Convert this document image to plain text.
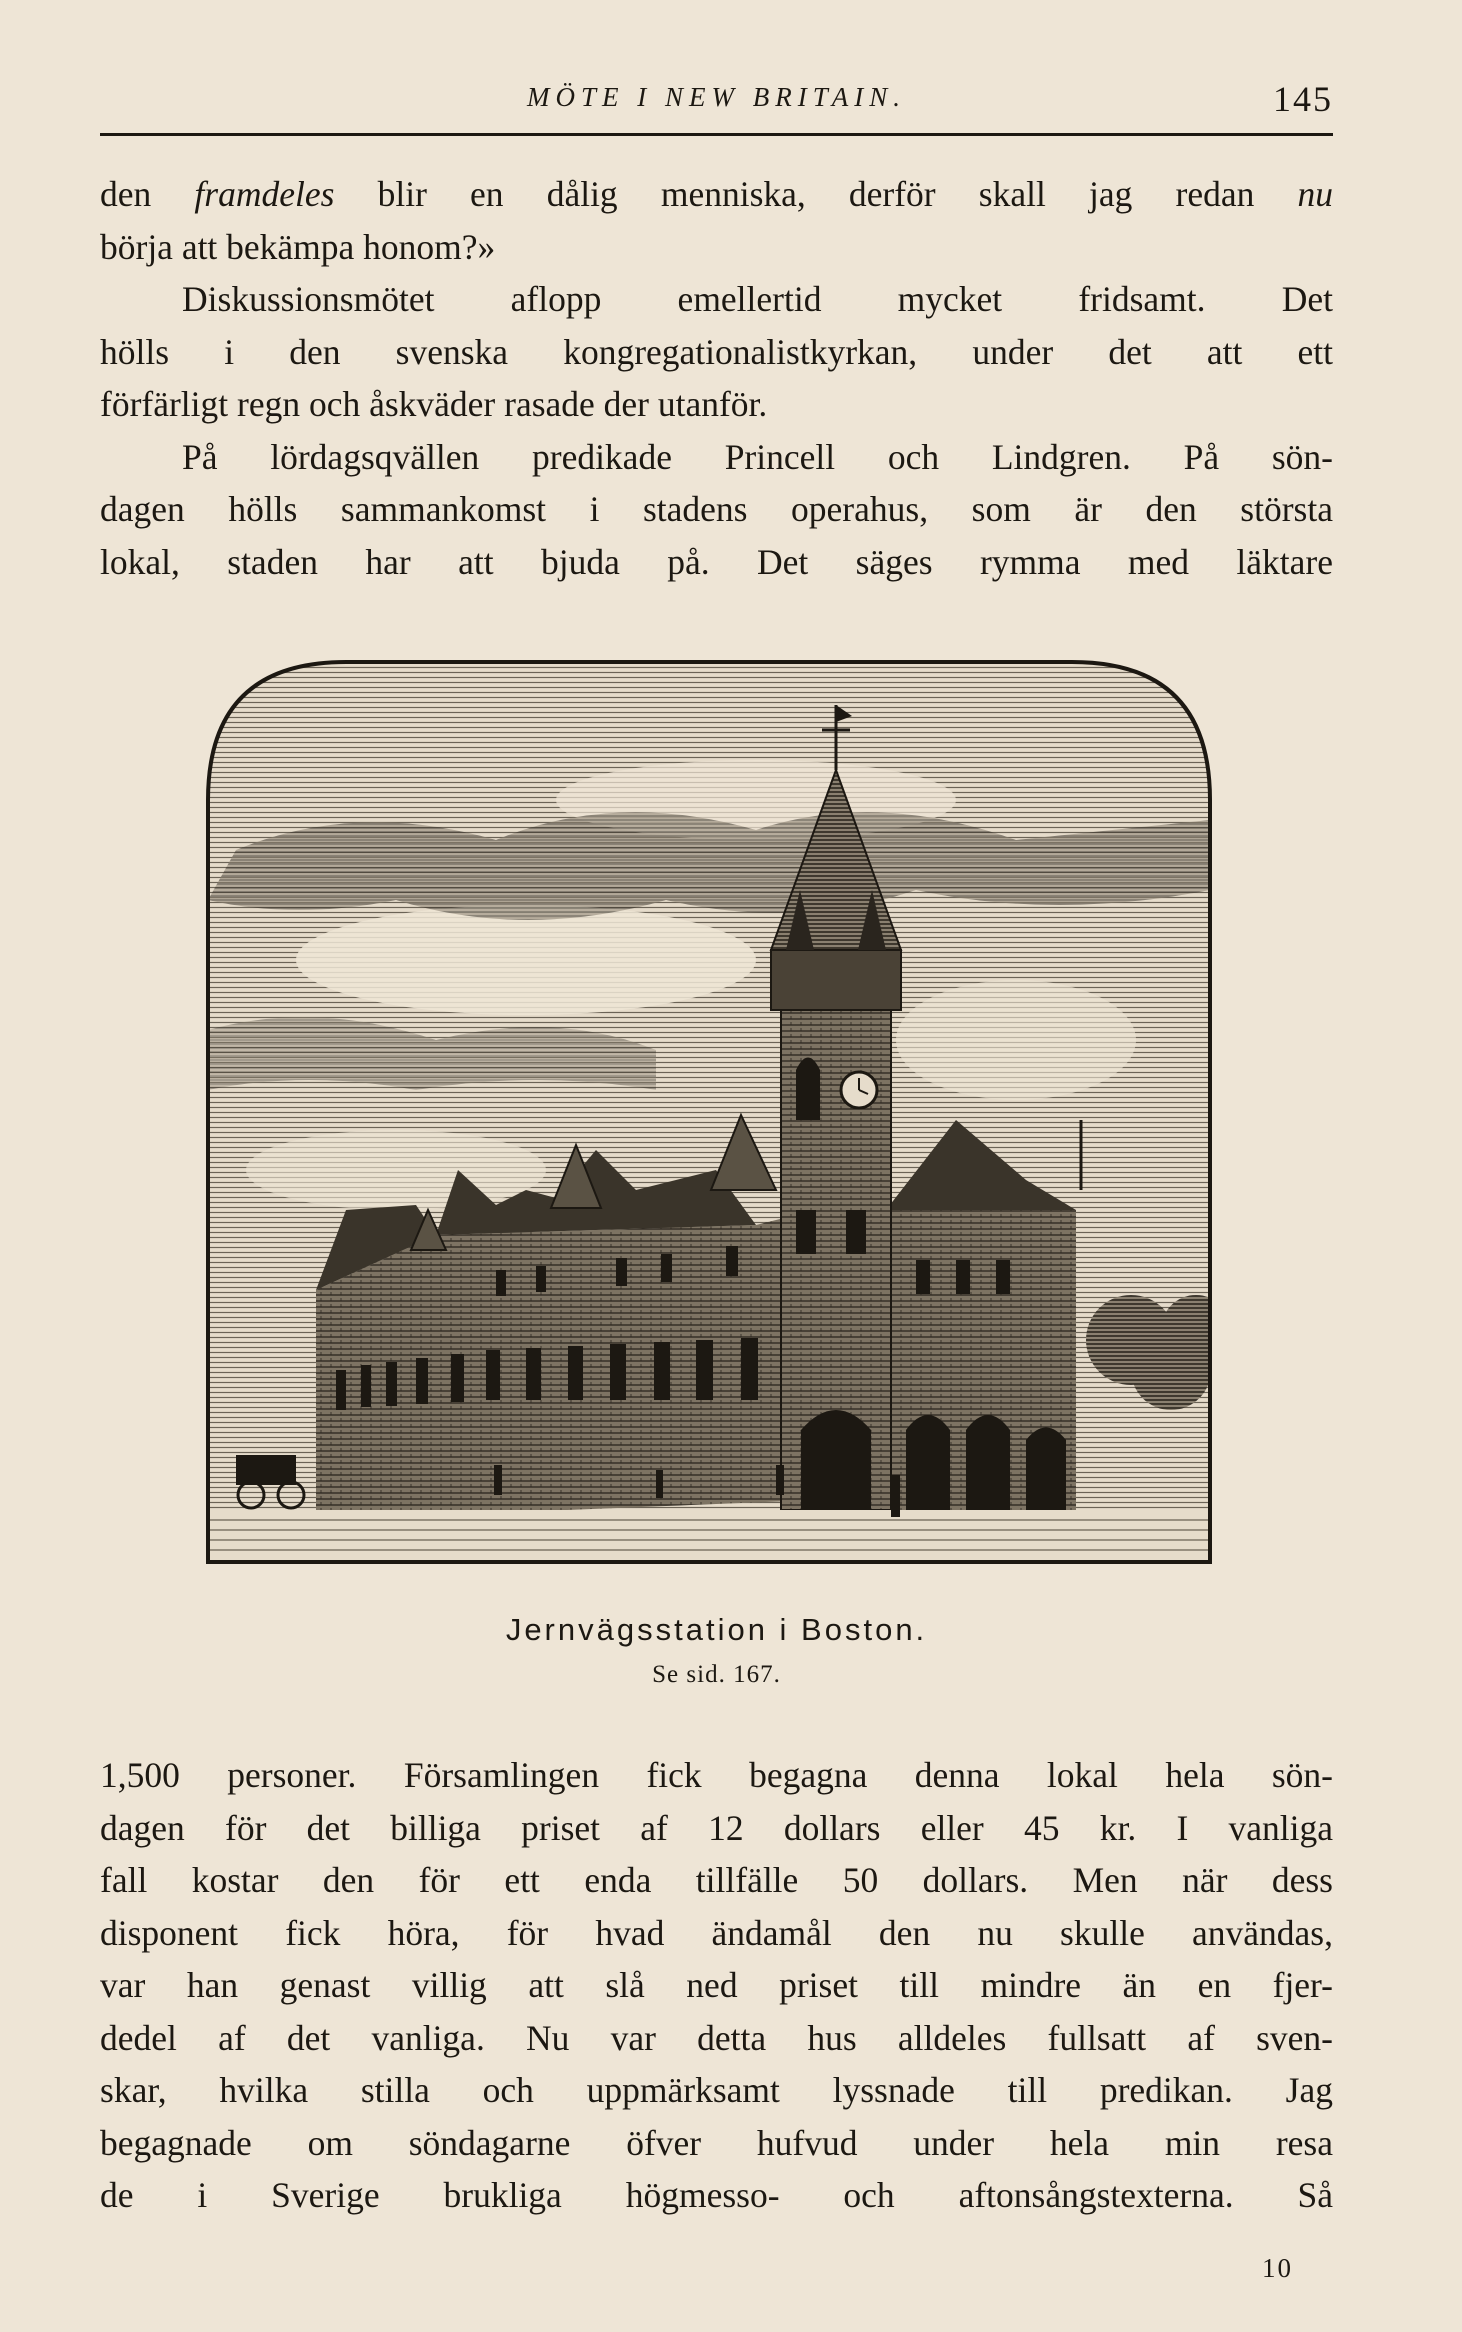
MÖTE I NEW BRITAIN.	145

den framdeles blir en dålig menniska, derför skall jag redan nu

börja att bekämpa honom?»

Diskussionsmötet aflopp emellertid mycket fridsamt. Det

hölls i den svenska kongregationalistkyrkan, under det att ett

förfärligt regn och åskväder rasade der utanför.

På lördagsqvällen predikade Princell och Lindgren. På sön-

dagen hölls sammankomst i stadens operahus, som är den största

lokal, staden har att bjuda på. Det säges rymma med läktare

Jernvägsstation i Boston.
Se sid. 167.

1,500 personer. Församlingen fick begagna denna lokal hela sön-

dagen för det billiga priset af 12 dollars eller 45 kr. I vanliga

fall kostar den för ett enda tillfälle 50 dollars. Men när dess

disponent fick höra, för hvad ändamål den nu skulle användas,

var han genast villig att slå ned priset till mindre än en fjer-

dedel af det vanliga. Nu var detta hus alldeles fullsatt af sven-

skar, hvilka stilla och uppmärksamt lyssnade till predikan. Jag

begagnade om söndagarne öfver hufvud under hela min resa

de i Sverige brukliga högmesso- och aftonsångstexterna. Så

10
